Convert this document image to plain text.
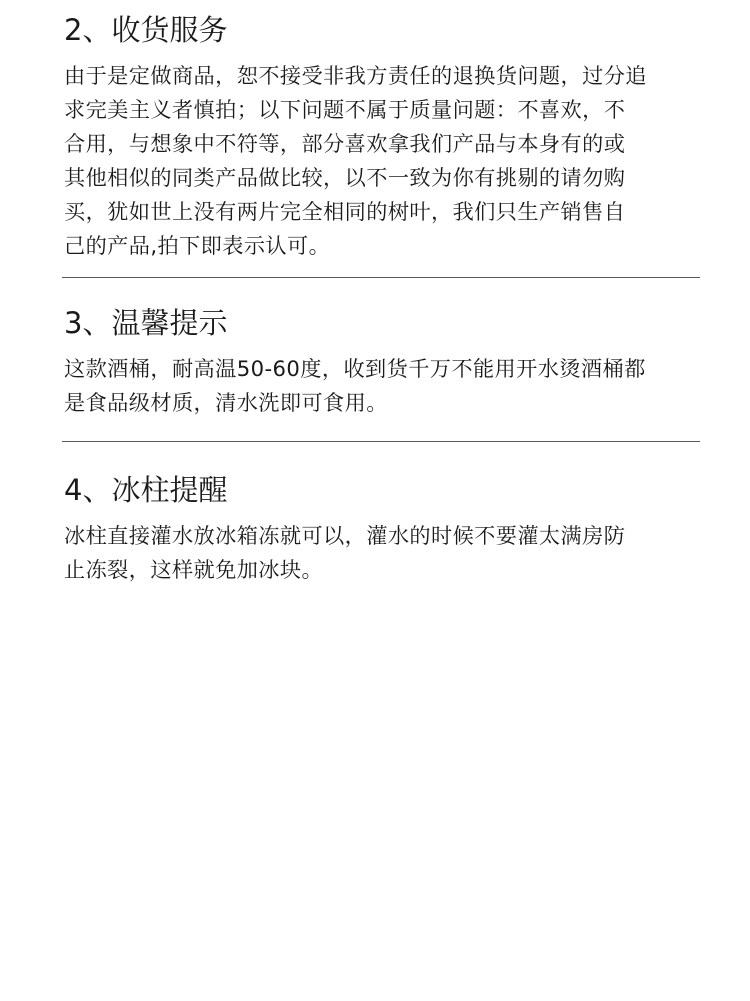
2、收货服务

由于是定做商品，恕不接受非我方责任的退换货问题，过分追
求完美主义者慎拍；以下问题不属于质量问题：不喜欢，不
合用，与想象中不符等，部分喜欢拿我们产品与本身有的或
其他相似的同类产品做比较，以不一致为你有挑剔的请勿购
买，犹如世上没有两片完全相同的树叶，我们只生产销售自
己的产品,拍下即表示认可。

3、温馨提示

这款酒桶，耐高温50-60度，收到货千万不能用开水烫酒桶都
是食品级材质，清水洗即可食用。

4、冰柱提醒

冰柱直接灌水放冰箱冻就可以，灌水的时候不要灌太满房防
止冻裂，这样就免加冰块。
